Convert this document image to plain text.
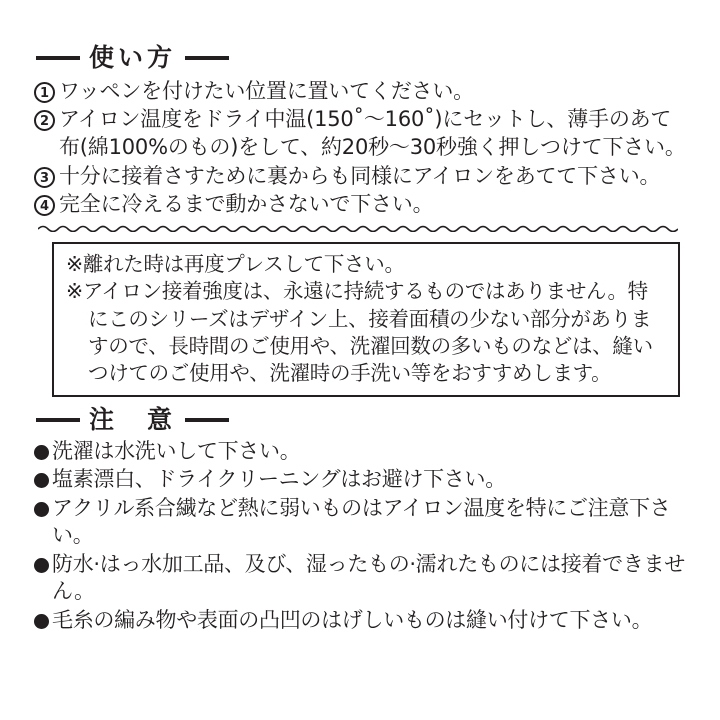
使い方
1 ワッペンを付けたい位置に置いてください。
2 アイロン温度をドライ中温(150˚〜160˚)にセットし、薄手のあて布(綿100%のもの)をして、約20秒〜30秒強く押しつけて下さい。
3 十分に接着さすために裏からも同様にアイロンをあてて下さい。
4 完全に冷えるまで動かさないで下さい。

※離れた時は再度プレスして下さい。

※アイロン接着強度は、永遠に持続するものではありません。特にこのシリーズはデザイン上、接着面積の少ない部分がありますので、長時間のご使用や、洗濯回数の多いものなどは、縫いつけてのご使用や、洗濯時の手洗い等をおすすめします。

注　意
洗濯は水洗いして下さい。
塩素漂白、ドライクリーニングはお避け下さい。
アクリル系合繊など熱に弱いものはアイロン温度を特にご注意下さい。
防水·はっ水加工品、及び、湿ったもの·濡れたものには接着できません。
毛糸の編み物や表面の凸凹のはげしいものは縫い付けて下さい。
